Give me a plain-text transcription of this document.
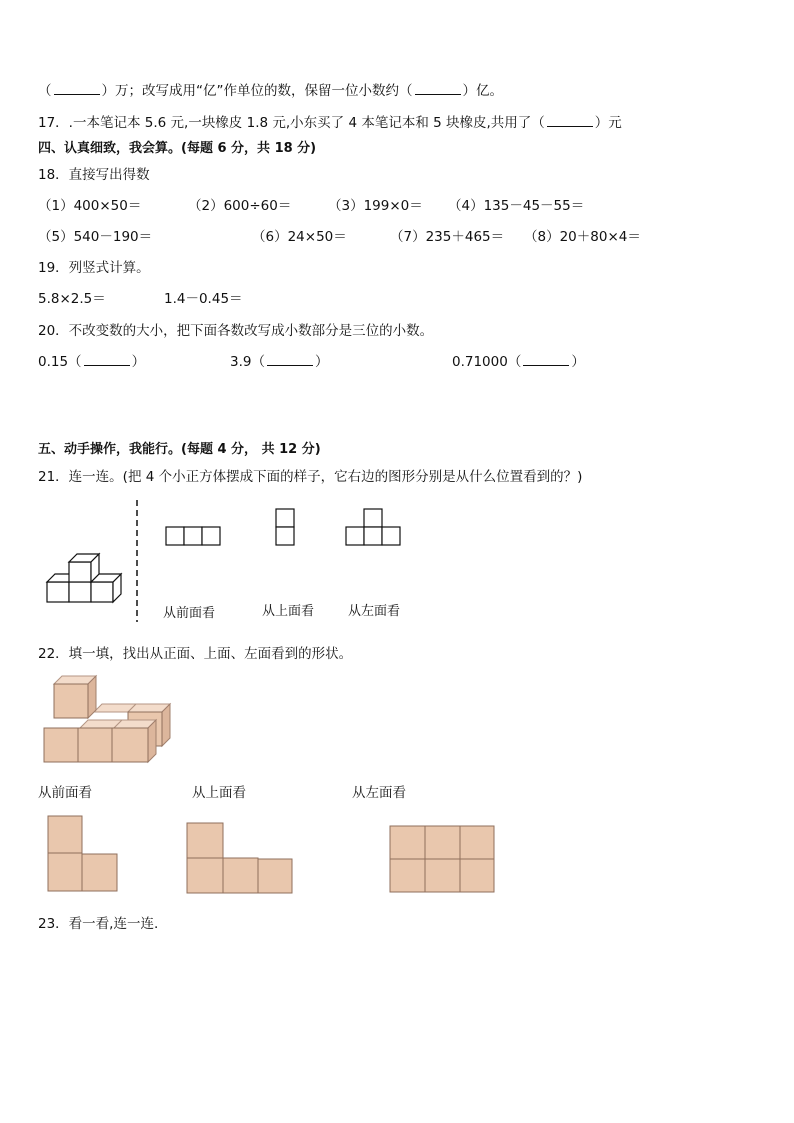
（	）万；改写成用“亿”作单位的数，保留一位小数约（	）亿。
17．.一本笔记本 5.6 元,一块橡皮 1.8 元,小东买了 4 本笔记本和 5 块橡皮,共用了（	）元
四、认真细致，我会算。(每题 6 分，共 18 分)
18．直接写出得数
（1）400×50＝	（2）600÷60＝	（3）199×0＝ （4）135－45－55＝
（5）540－190＝	（6）24×50＝	（7）235＋465＝ （8）20＋80×4＝
19．列竖式计算。
5.8×2.5＝	1.4－0.45＝
20．不改变数的大小，把下面各数改写成小数部分是三位的小数。
0.15（	）	3.9（	）	0.71000（	）
五、动手操作，我能行。(每题 4 分， 共 12 分)
21．连一连。(把 4 个小正方体摆成下面的样子，它右边的图形分别是从什么位置看到的？)
从前面看	从上面看	从左面看
22．填一填，找出从正面、上面、左面看到的形状。
从前面看	从上面看	从左面看
23．看一看,连一连.
